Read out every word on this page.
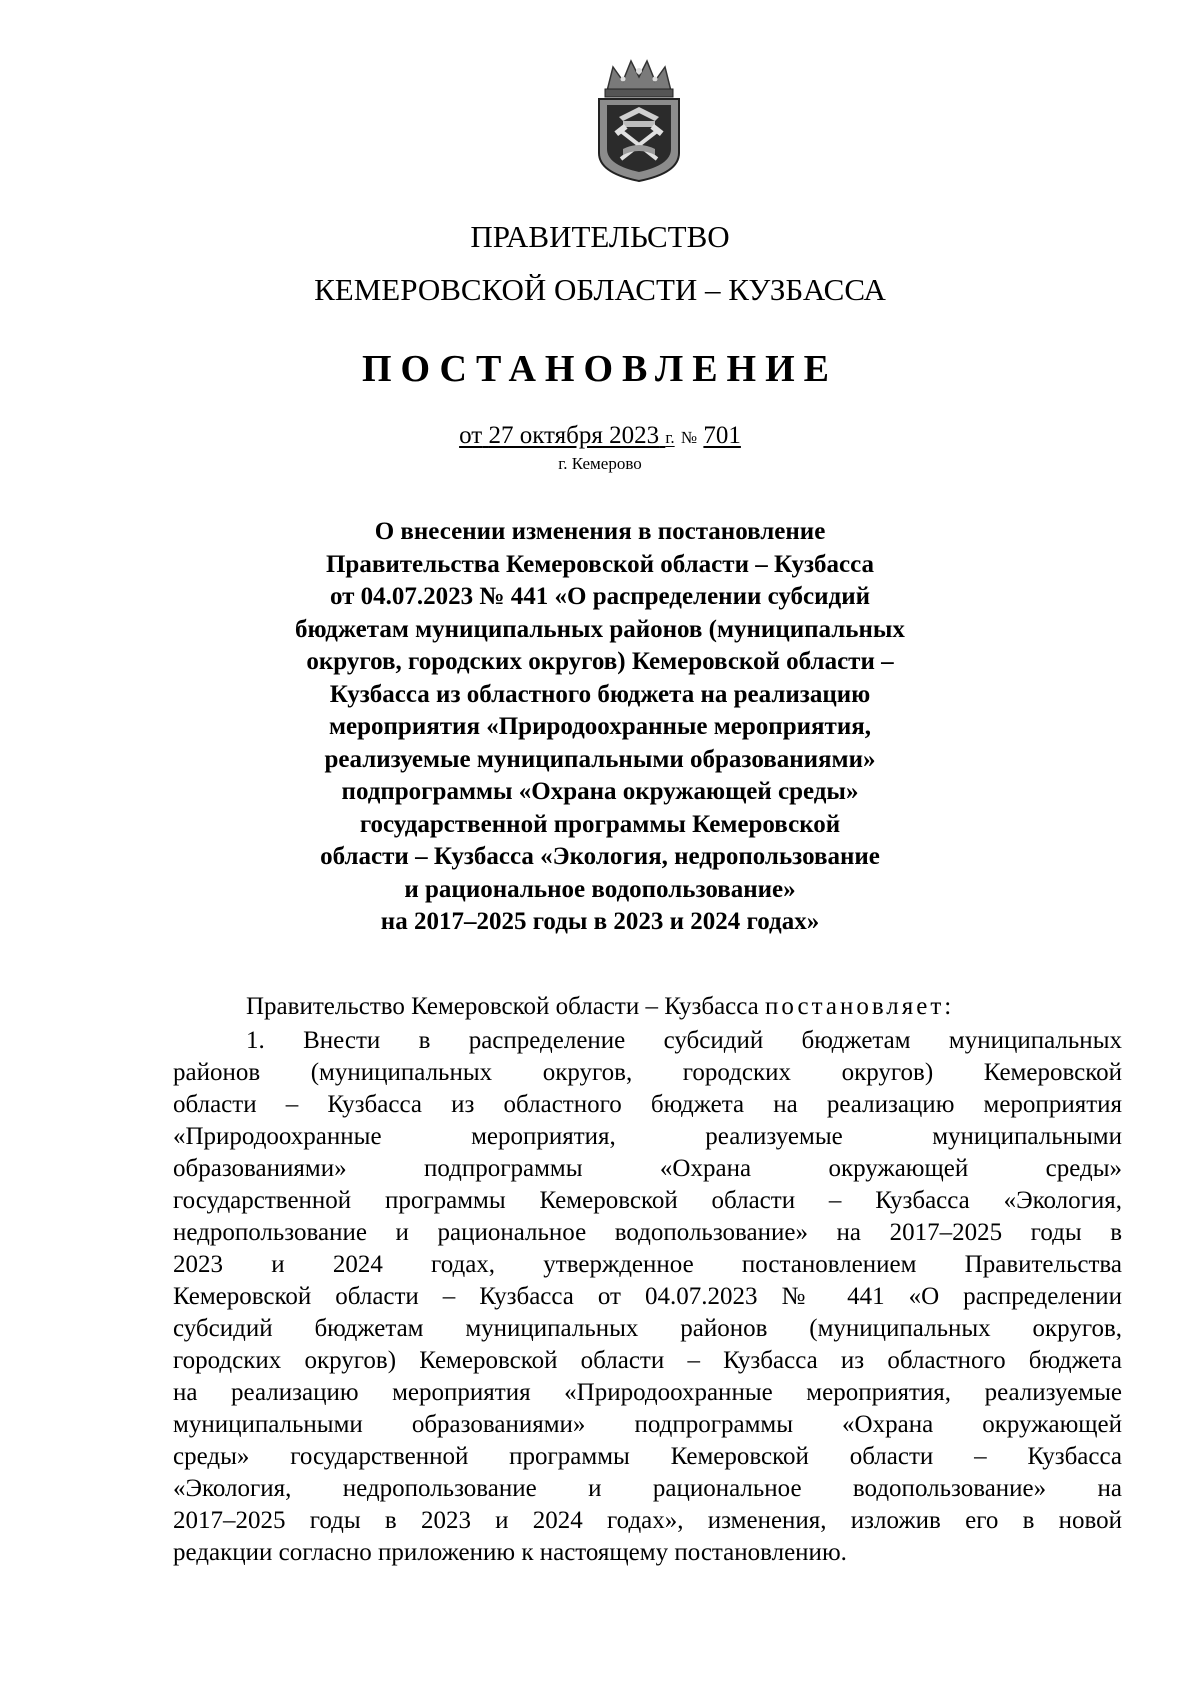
ПРАВИТЕЛЬСТВО
КЕМЕРОВСКОЙ ОБЛАСТИ – КУЗБАССА
ПОСТАНОВЛЕНИЕ
от 27 октября 2023 г. № 701
г. Кемерово
О внесении изменения в постановление
Правительства Кемеровской области – Кузбасса
от 04.07.2023 № 441 «О распределении субсидий
бюджетам муниципальных районов (муниципальных
округов, городских округов) Кемеровской области –
Кузбасса из областного бюджета на реализацию
мероприятия «Природоохранные мероприятия,
реализуемые муниципальными образованиями»
подпрограммы «Охрана окружающей среды»
государственной программы Кемеровской
области – Кузбасса «Экология, недропользование
и рациональное водопользование»
на 2017–2025 годы в 2023 и 2024 годах»
Правительство Кемеровской области – Кузбасса постановляет:
1. Внести в распределение субсидий бюджетам муниципальных
районов (муниципальных округов, городских округов) Кемеровской
области – Кузбасса из областного бюджета на реализацию мероприятия
«Природоохранные мероприятия, реализуемые муниципальными
образованиями» подпрограммы «Охрана окружающей среды»
государственной программы Кемеровской области – Кузбасса «Экология,
недропользование и рациональное водопользование» на 2017–2025 годы в
2023 и 2024 годах, утвержденное постановлением Правительства
Кемеровской области – Кузбасса от 04.07.2023 № 441 «О распределении
субсидий бюджетам муниципальных районов (муниципальных округов,
городских округов) Кемеровской области – Кузбасса из областного бюджета
на реализацию мероприятия «Природоохранные мероприятия, реализуемые
муниципальными образованиями» подпрограммы «Охрана окружающей
среды» государственной программы Кемеровской области – Кузбасса
«Экология, недропользование и рациональное водопользование» на
2017–2025 годы в 2023 и 2024 годах», изменения, изложив его в новой
редакции согласно приложению к настоящему постановлению.
